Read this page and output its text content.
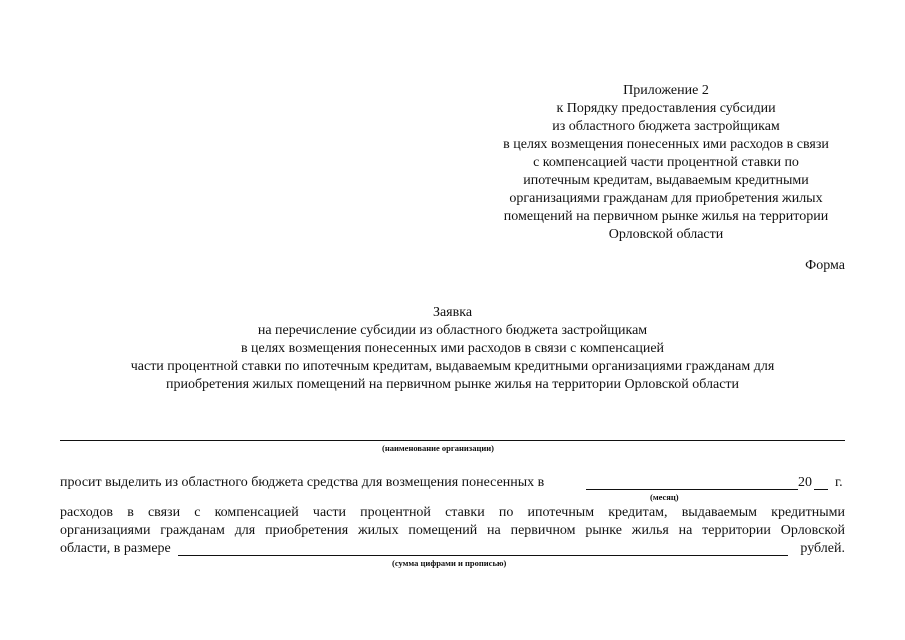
Приложение 2
к Порядку предоставления субсидии
из областного бюджета застройщикам
в целях возмещения понесенных ими расходов в связи
с компенсацией части процентной ставки по
ипотечным кредитам, выдаваемым кредитными
организациями гражданам для приобретения жилых
помещений на первичном рынке жилья на территории
Орловской области
Форма
Заявка
на перечисление субсидии из областного бюджета застройщикам
в целях возмещения понесенных ими расходов в связи с компенсацией
части процентной ставки по ипотечным кредитам, выдаваемым кредитными организациями гражданам для
приобретения жилых помещений на первичном рынке жилья на территории Орловской области
(наименование организации)
просит выделить из областного бюджета средства для возмещения понесенных в	20 г.
(месяц)
расходов в связи с компенсацией части процентной ставки по ипотечным кредитам, выдаваемым кредитными
организациями гражданам для приобретения жилых помещений на первичном рынке жилья на территории Орловской
области, в размере	рублей.
(сумма цифрами и прописью)
